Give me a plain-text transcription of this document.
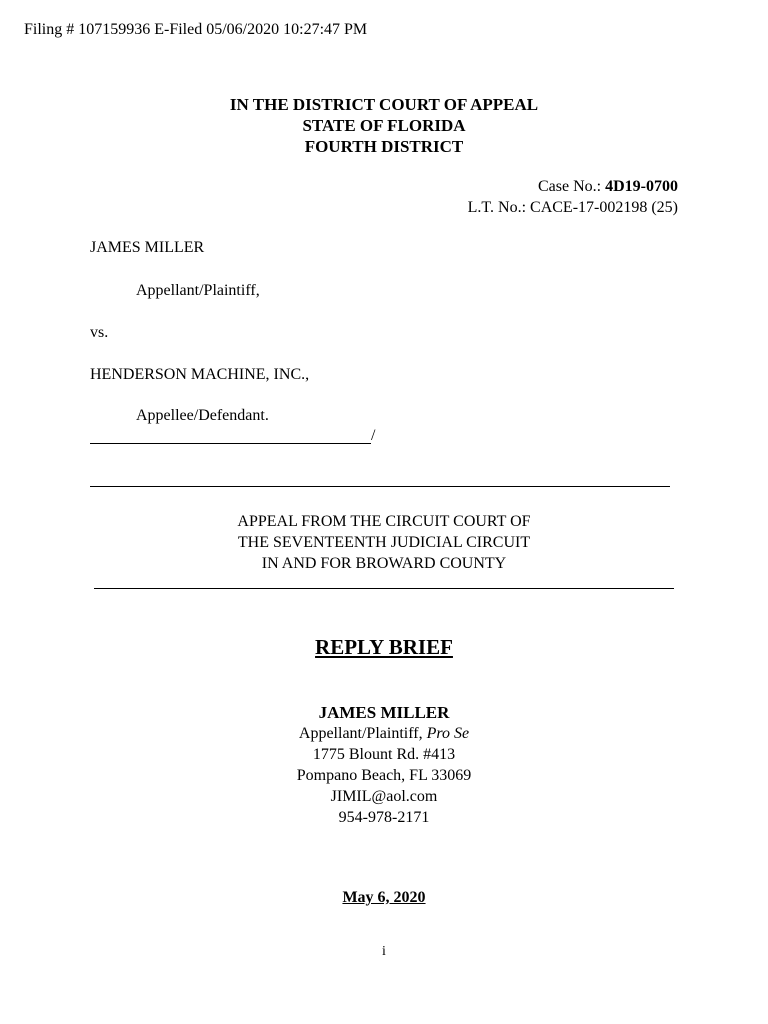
Filing # 107159936 E-Filed 05/06/2020 10:27:47 PM
IN THE DISTRICT COURT OF APPEAL
STATE OF FLORIDA
FOURTH DISTRICT
Case No.: 4D19-0700
L.T. No.: CACE-17-002198 (25)
JAMES MILLER
Appellant/Plaintiff,
vs.
HENDERSON MACHINE, INC.,
Appellee/Defendant.
/
APPEAL FROM THE CIRCUIT COURT OF
THE SEVENTEENTH JUDICIAL CIRCUIT
IN AND FOR BROWARD COUNTY
REPLY BRIEF
JAMES MILLER
Appellant/Plaintiff, Pro Se
1775 Blount Rd. #413
Pompano Beach, FL 33069
JIMIL@aol.com
954-978-2171
May 6, 2020
i
